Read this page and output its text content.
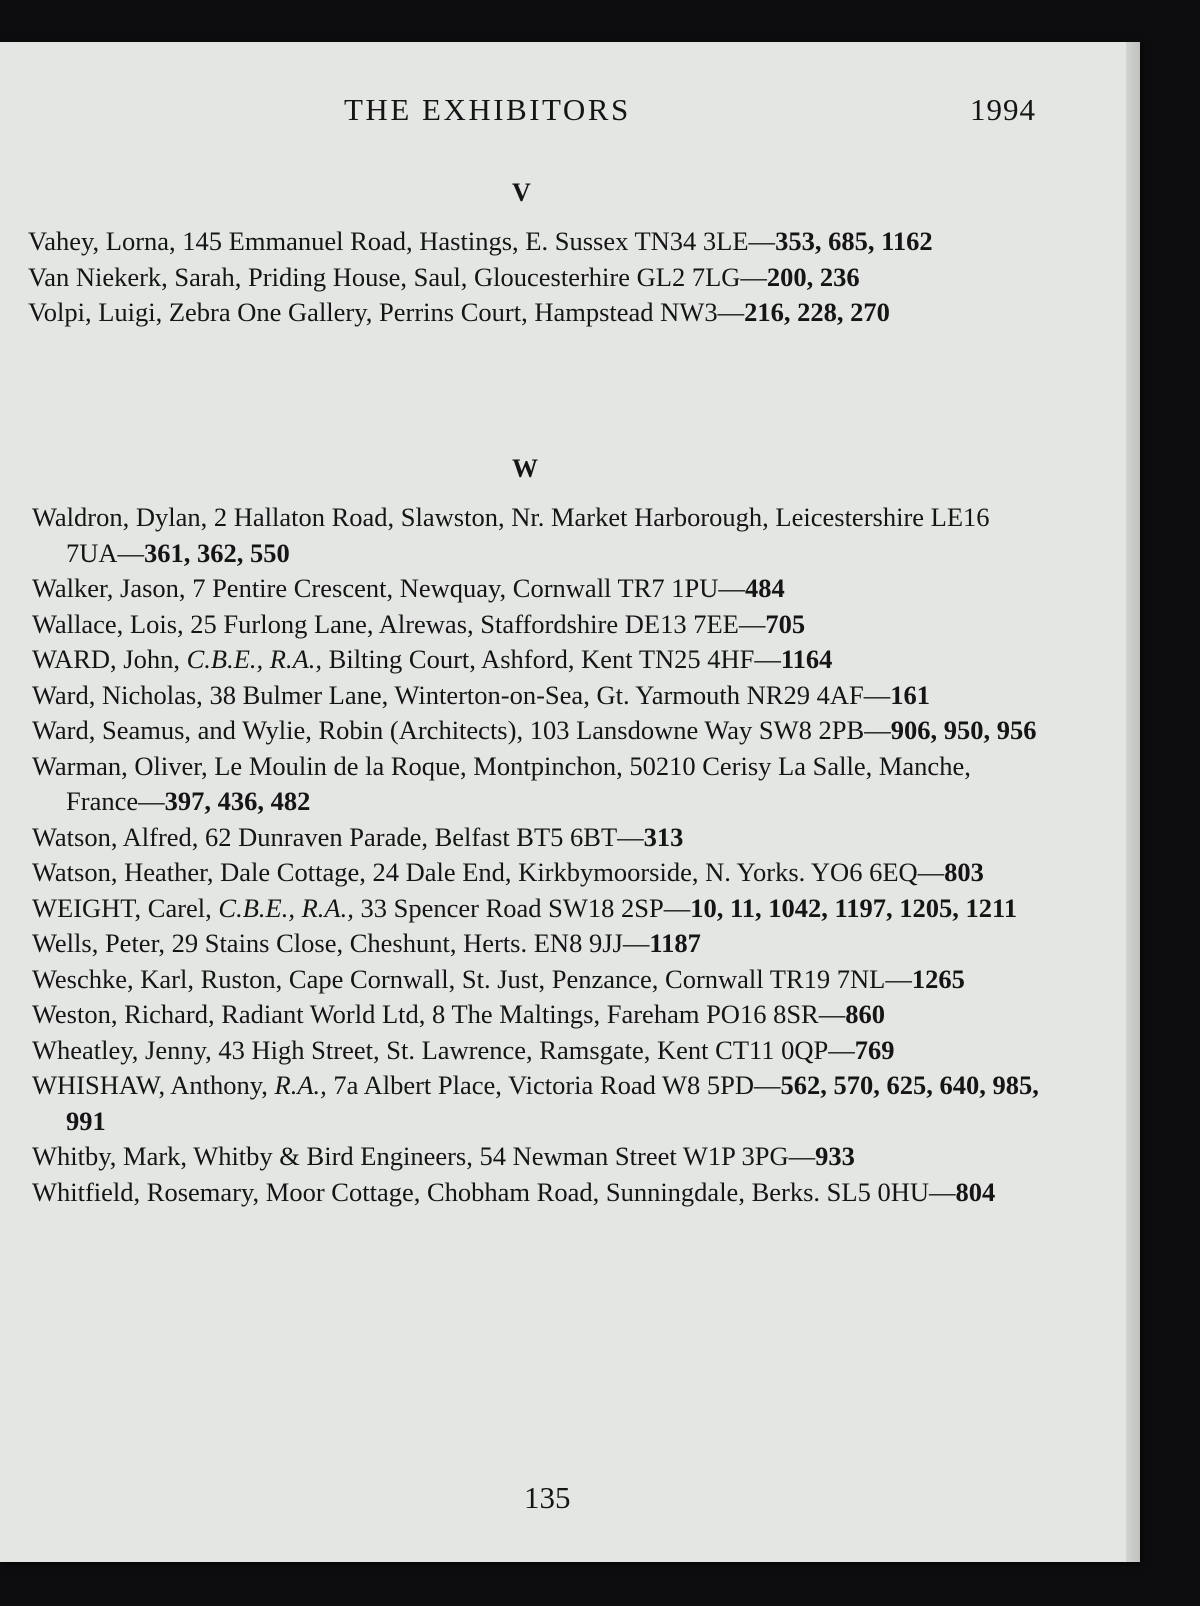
THE EXHIBITORS	1994
V

Vahey, Lorna, 145 Emmanuel Road, Hastings, E. Sussex TN34 3LE—353, 685, 1162

Van Niekerk, Sarah, Priding House, Saul, Gloucesterhire GL2 7LG—200, 236

Volpi, Luigi, Zebra One Gallery, Perrins Court, Hampstead NW3—216, 228, 270

W

Waldron, Dylan, 2 Hallaton Road, Slawston, Nr. Market Harborough, Leicestershire LE16 7UA—361, 362, 550

Walker, Jason, 7 Pentire Crescent, Newquay, Cornwall TR7 1PU—484

Wallace, Lois, 25 Furlong Lane, Alrewas, Staffordshire DE13 7EE—705

WARD, John, C.B.E., R.A., Bilting Court, Ashford, Kent TN25 4HF—1164

Ward, Nicholas, 38 Bulmer Lane, Winterton-on-Sea, Gt. Yarmouth NR29 4AF—161

Ward, Seamus, and Wylie, Robin (Architects), 103 Lansdowne Way SW8 2PB—906, 950, 956

Warman, Oliver, Le Moulin de la Roque, Montpinchon, 50210 Cerisy La Salle, Manche, France—397, 436, 482

Watson, Alfred, 62 Dunraven Parade, Belfast BT5 6BT—313

Watson, Heather, Dale Cottage, 24 Dale End, Kirkbymoorside, N. Yorks. YO6 6EQ—803

WEIGHT, Carel, C.B.E., R.A., 33 Spencer Road SW18 2SP—10, 11, 1042, 1197, 1205, 1211

Wells, Peter, 29 Stains Close, Cheshunt, Herts. EN8 9JJ—1187

Weschke, Karl, Ruston, Cape Cornwall, St. Just, Penzance, Cornwall TR19 7NL—1265

Weston, Richard, Radiant World Ltd, 8 The Maltings, Fareham PO16 8SR—860

Wheatley, Jenny, 43 High Street, St. Lawrence, Ramsgate, Kent CT11 0QP—769

WHISHAW, Anthony, R.A., 7a Albert Place, Victoria Road W8 5PD—562, 570, 625, 640, 985, 991

Whitby, Mark, Whitby & Bird Engineers, 54 Newman Street W1P 3PG—933

Whitfield, Rosemary, Moor Cottage, Chobham Road, Sunningdale, Berks. SL5 0HU—804

135
